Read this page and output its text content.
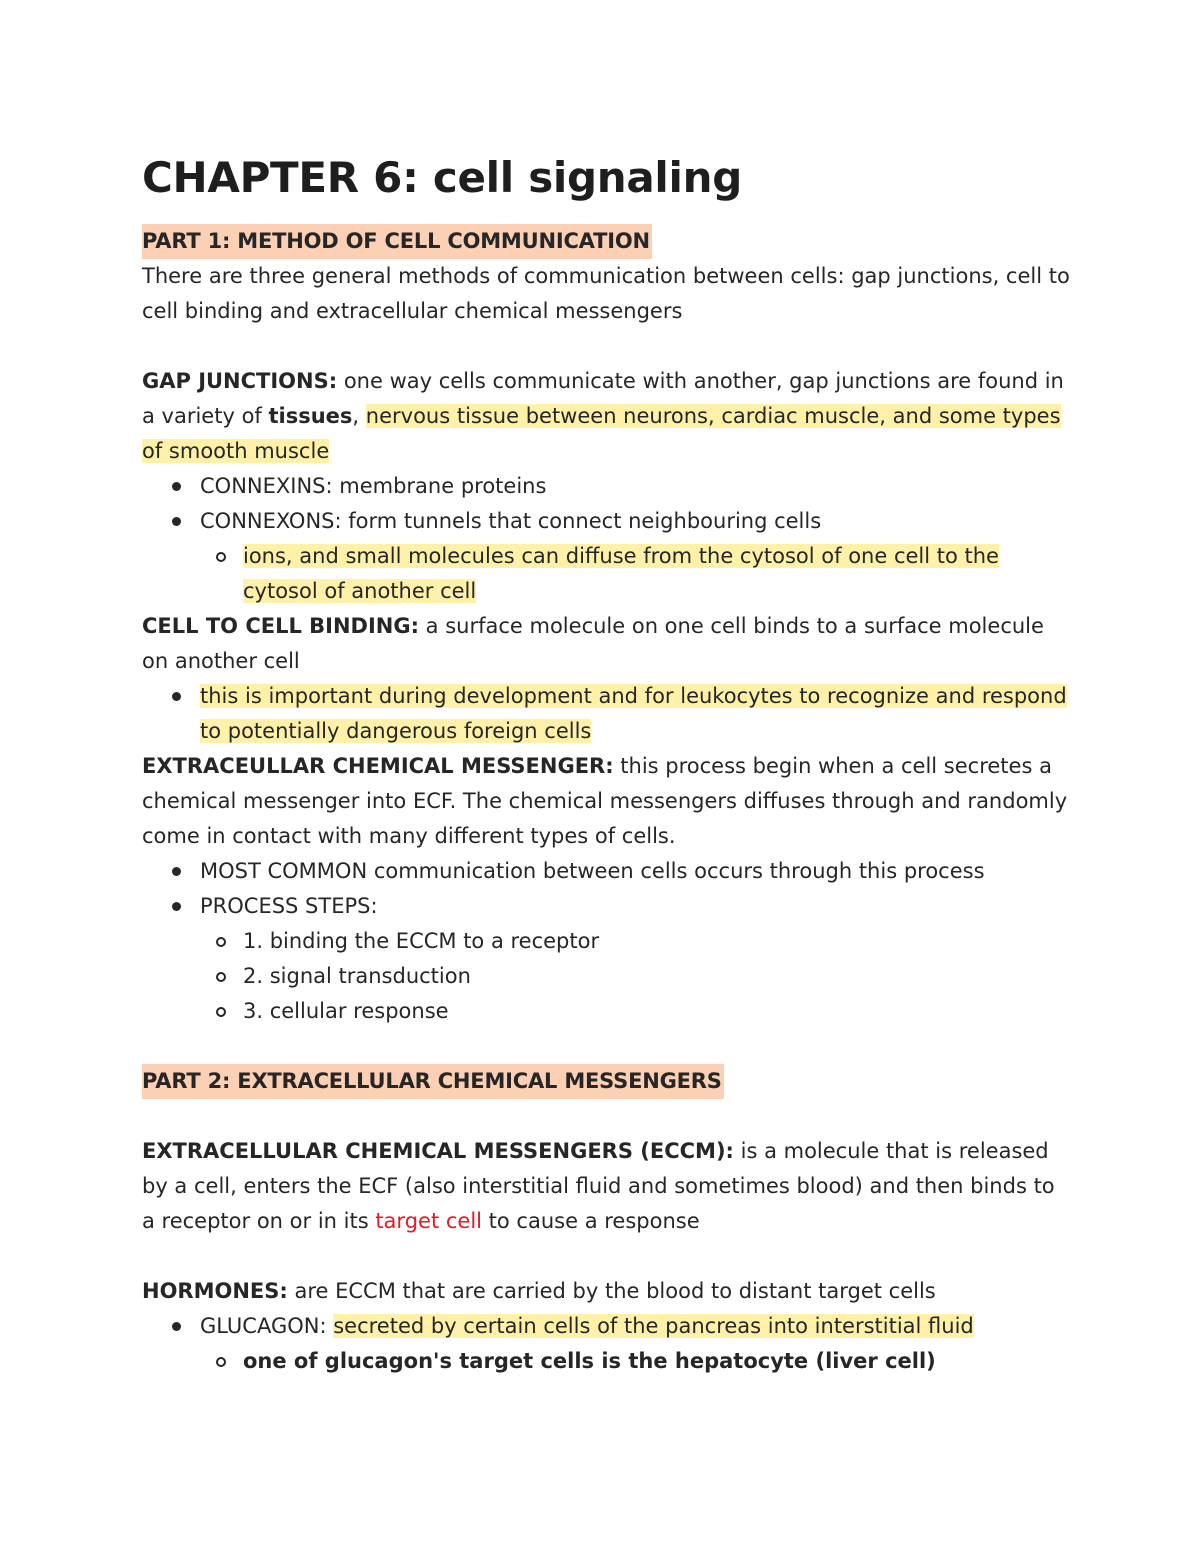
CHAPTER 6: cell signaling
PART 1: METHOD OF CELL COMMUNICATION

There are three general methods of communication between cells: gap junctions, cell to cell binding and extracellular chemical messengers

GAP JUNCTIONS: one way cells communicate with another, gap junctions are found in a variety of tissues, nervous tissue between neurons, cardiac muscle, and some types of smooth muscle

CONNEXINS: membrane proteins
CONNEXONS: form tunnels that connect neighbouring cells
ions, and small molecules can diffuse from the cytosol of one cell to the cytosol of another cell

CELL TO CELL BINDING: a surface molecule on one cell binds to a surface molecule on another cell

this is important during development and for leukocytes to recognize and respond to potentially dangerous foreign cells

EXTRACEULLAR CHEMICAL MESSENGER: this process begin when a cell secretes a chemical messenger into ECF. The chemical messengers diffuses through and randomly come in contact with many different types of cells.

MOST COMMON communication between cells occurs through this process
PROCESS STEPS:
1. binding the ECCM to a receptor
2. signal transduction
3. cellular response
PART 2: EXTRACELLULAR CHEMICAL MESSENGERS

EXTRACELLULAR CHEMICAL MESSENGERS (ECCM): is a molecule that is released by a cell, enters the ECF (also interstitial fluid and sometimes blood) and then binds to a receptor on or in its target cell to cause a response

HORMONES: are ECCM that are carried by the blood to distant target cells

GLUCAGON: secreted by certain cells of the pancreas into interstitial fluid
one of glucagon's target cells is the hepatocyte (liver cell)
